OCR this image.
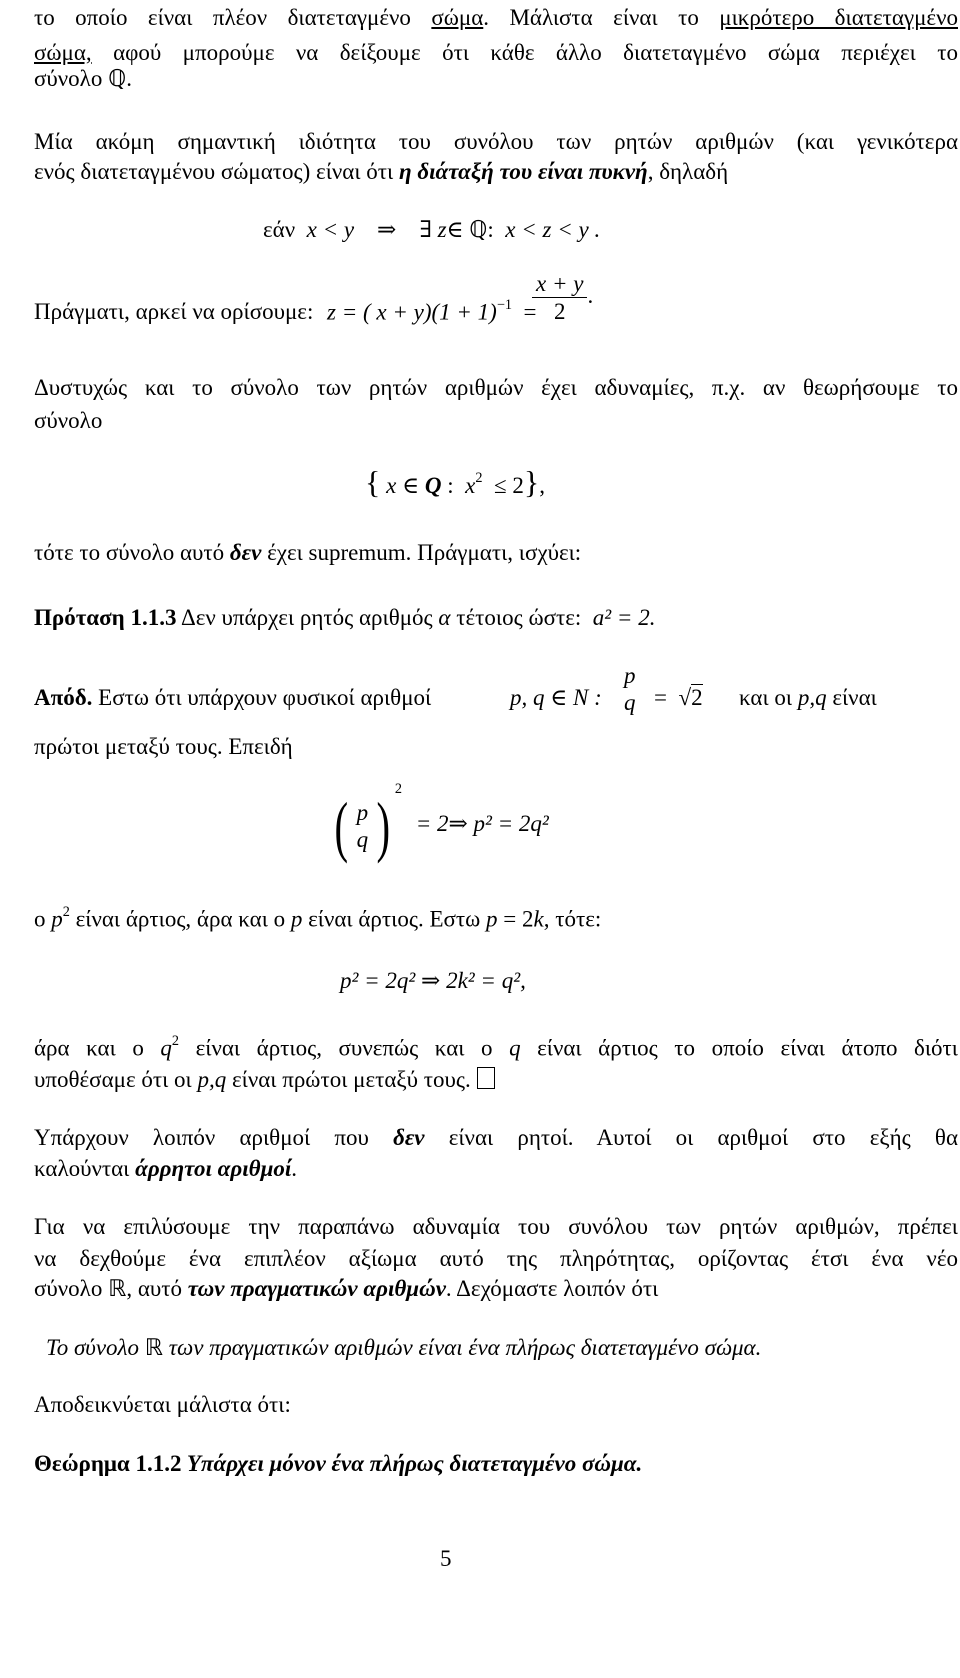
το οποίο είναι πλέον διατεταγμένο σώμα. Μάλιστα είναι το μικρότερο διατεταγμένο
σώμα, αφού μπορούμε να δείξουμε ότι κάθε άλλο διατεταγμένο σώμα περιέχει το
σύνολο ℚ.
Μία ακόμη σημαντική ιδιότητα του συνόλου των ρητών αριθμών (και γενικότερα
ενός διατεταγμένου σώματος) είναι ότι η διάταξή του είναι πυκνή, δηλαδή
εάν x < y ⇒ ∃ z∈ ℚ: x < z < y .
Πράγματι, αρκεί να ορίσουμε: z = ( $x + y)(1 + 1)^{-1}$ =
$\frac{x + y}{2}$ .
Δυστυχώς και το σύνολο των ρητών αριθμών έχει αδυναμίες, π.χ. αν θεωρήσουμε το
σύνολο
{ x ∈ Q : $x^2 \le 2$},
τότε το σύνολο αυτό δεν έχει supremum. Πράγματι, ισχύει:
Πρόταση 1.1.3 Δεν υπάρχει ρητός αριθμός α τέτοιος ώστε:  a² = 2.
Απόδ. Εστω ότι υπάρχουν φυσικοί αριθμοί	p, q ∈ N :
p
q =  √2 και οι p,q είναι
πρώτοι μεταξύ τους. Επειδή
( p
q ) $^2$ = 2⇒ p² = 2q²
ο $p^2$ είναι άρτιος, άρα και ο p είναι άρτιος. Εστω p = 2k, τότε:
p² = 2q² ⇒ 2k² = q²,
άρα και ο $q^2$ είναι άρτιος, συνεπώς και ο q είναι άρτιος το οποίο είναι άτοπο διότι
υποθέσαμε ότι οι p,q είναι πρώτοι μεταξύ τους.
Υπάρχουν λοιπόν αριθμοί που δεν είναι ρητοί. Αυτοί οι αριθμοί στο εξής θα
καλούνται άρρητοι αριθμοί.
Για να επιλύσουμε την παραπάνω αδυναμία του συνόλου των ρητών αριθμών, πρέπει
να δεχθούμε ένα επιπλέον αξίωμα αυτό της πληρότητας, ορίζοντας έτσι ένα νέο
σύνολο ℝ, αυτό των πραγματικών αριθμών. Δεχόμαστε λοιπόν ότι
Το σύνολο ℝ των πραγματικών αριθμών είναι ένα πλήρως διατεταγμένο σώμα.
Αποδεικνύεται μάλιστα ότι:
Θεώρημα 1.1.2 Υπάρχει μόνον ένα πλήρως διατεταγμένο σώμα.
5
